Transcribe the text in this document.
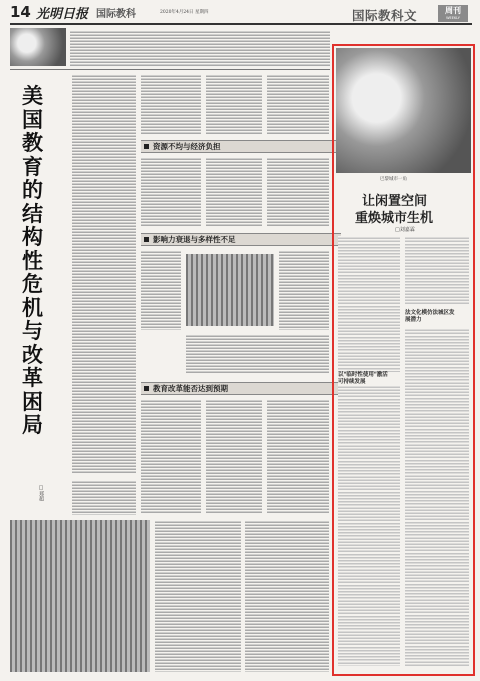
14 光明日报 国际教科	2020年4月24日 星期四	国际教科文	周刊
WEEKLY
美国教育的结构性危机与改革困局
□郑超
资源不均与经济负担
影响力衰退与多样性不足
教育改革能否达到预期
巴黎城市一角
让闲置空间
重焕城市生机
□刘嘉霖
法文化模仿法城区发
展潜力
以"临时性使用"激活
可持续发展
